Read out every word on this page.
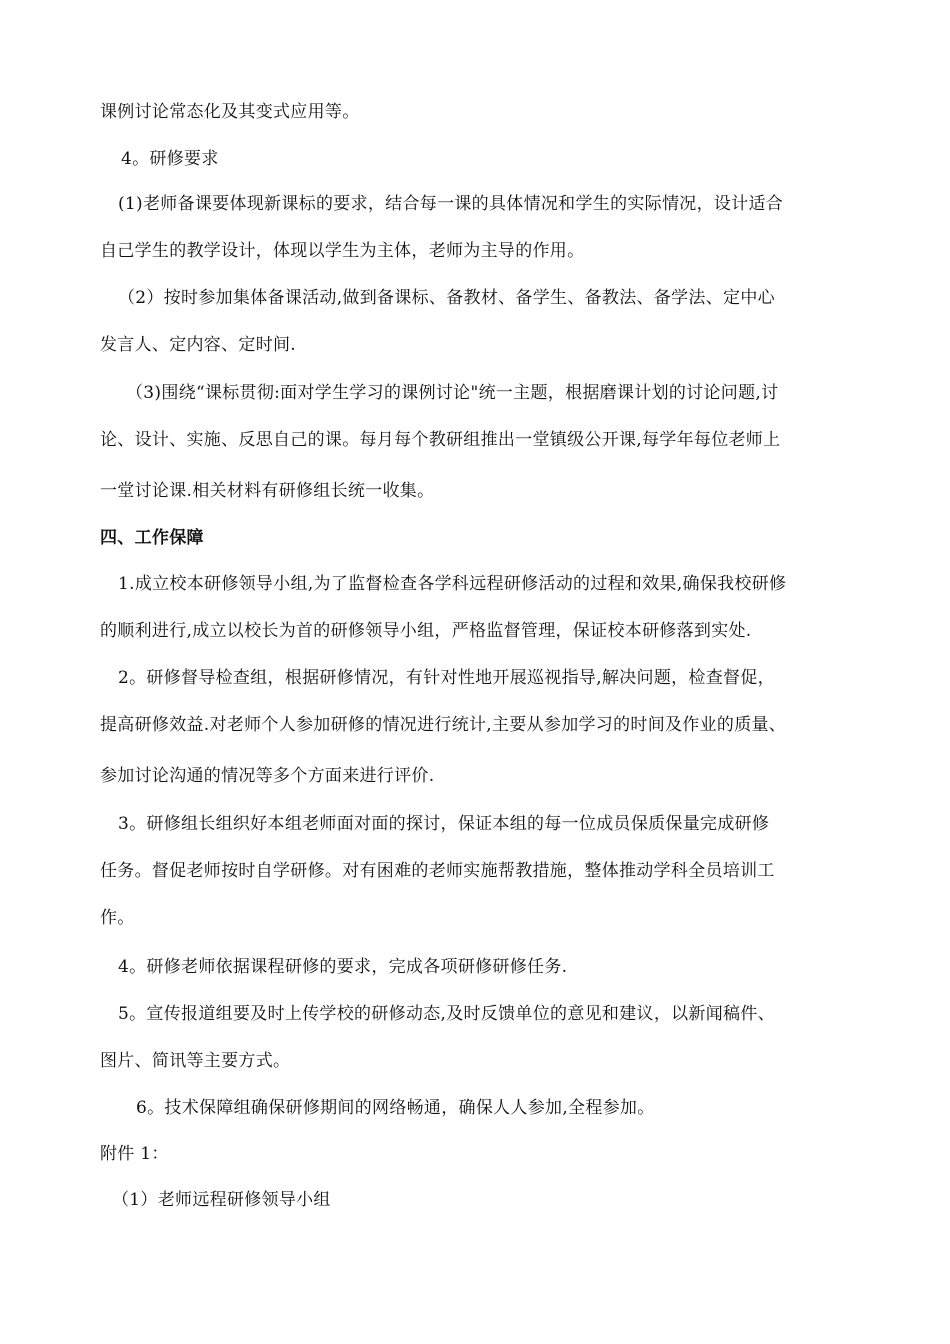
课例讨论常态化及其变式应用等。
4。研修要求
(1)老师备课要体现新课标的要求，结合每一课的具体情况和学生的实际情况，设计适合
自己学生的教学设计，体现以学生为主体，老师为主导的作用。
（2）按时参加集体备课活动,做到备课标、备教材、备学生、备教法、备学法、定中心
发言人、定内容、定时间.
（3)围绕“课标贯彻:面对学生学习的课例讨论"统一主题，根据磨课计划的讨论问题,讨
论、设计、实施、反思自己的课。每月每个教研组推出一堂镇级公开课,每学年每位老师上
一堂讨论课.相关材料有研修组长统一收集。
四、工作保障
1.成立校本研修领导小组,为了监督检查各学科远程研修活动的过程和效果,确保我校研修
的顺利进行,成立以校长为首的研修领导小组，严格监督管理，保证校本研修落到实处.
2。研修督导检查组，根据研修情况，有针对性地开展巡视指导,解决问题，检查督促，
提高研修效益.对老师个人参加研修的情况进行统计,主要从参加学习的时间及作业的质量、
参加讨论沟通的情况等多个方面来进行评价.
3。研修组长组织好本组老师面对面的探讨，保证本组的每一位成员保质保量完成研修
任务。督促老师按时自学研修。对有困难的老师实施帮教措施，整体推动学科全员培训工
作。
4。研修老师依据课程研修的要求，完成各项研修研修任务.
5。宣传报道组要及时上传学校的研修动态,及时反馈单位的意见和建议，以新闻稿件、
图片、简讯等主要方式。
6。技术保障组确保研修期间的网络畅通，确保人人参加,全程参加。
附件 1：
（1）老师远程研修领导小组
